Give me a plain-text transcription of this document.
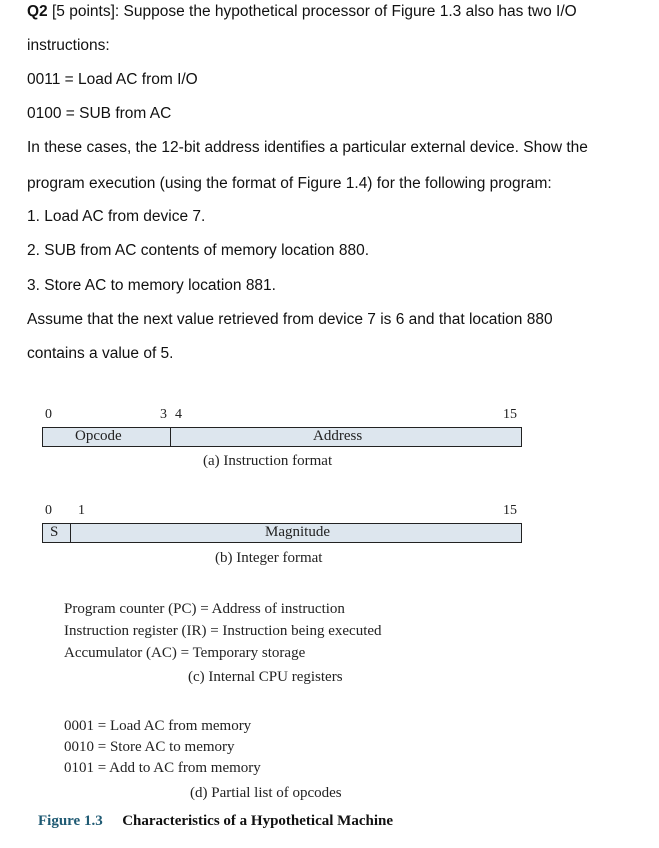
Q2 [5 points]: Suppose the hypothetical processor of Figure 1.3 also has two I/O
instructions:
0011 = Load AC from I/O
0100 = SUB from AC
In these cases, the 12-bit address identifies a particular external device. Show the
program execution (using the format of Figure 1.4) for the following program:
1. Load AC from device 7.
2. SUB from AC contents of memory location 880.
3. Store AC to memory location 881.
Assume that the next value retrieved from device 7 is 6 and that location 880
contains a value of 5.
0	3 4	15
Opcode	Address
(a) Instruction format
0 1	15
S	Magnitude
(b) Integer format
Program counter (PC) = Address of instruction
Instruction register (IR) = Instruction being executed
Accumulator (AC) = Temporary storage
(c) Internal CPU registers
0001 = Load AC from memory
0010 = Store AC to memory
0101 = Add to AC from memory
(d) Partial list of opcodes
Figure 1.3 Characteristics of a Hypothetical Machine
